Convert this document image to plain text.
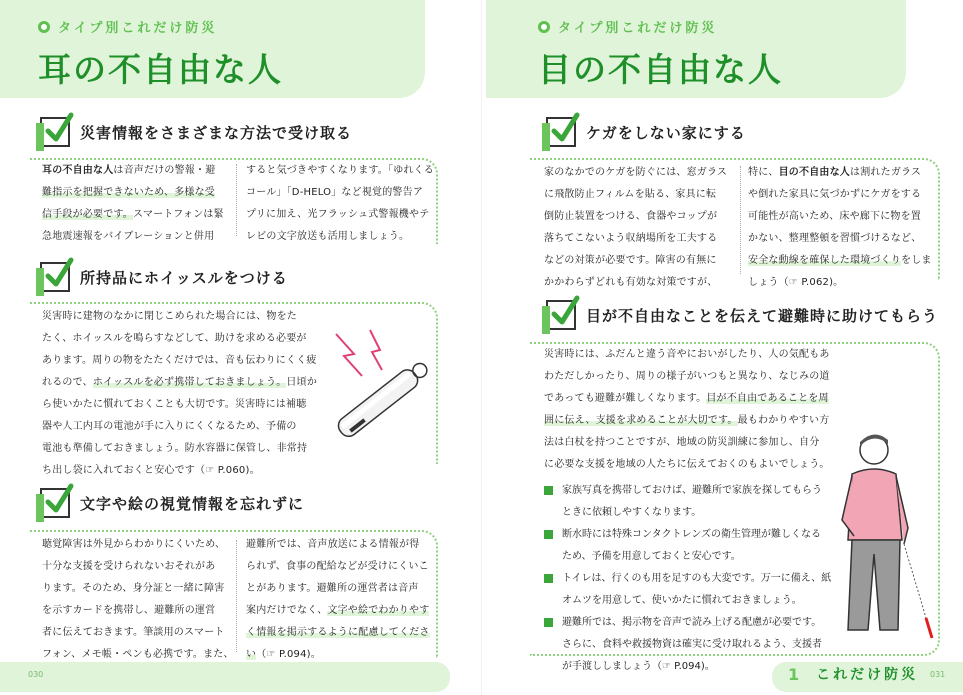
タイプ別これだけ防災
耳の不自由な人
災害情報をさまざまな方法で受け取る
耳の不自由な人は音声だけの警報・避
難指示を把握できないため、多様な受
信手段が必要です。スマートフォンは緊
急地震速報をバイブレーションと併用
すると気づきやすくなります。「ゆれくる
コール」「D-HELO」など視覚的警告ア
プリに加え、光フラッシュ式警報機やテ
レビの文字放送も活用しましょう。
所持品にホイッスルをつける
災害時に建物のなかに閉じこめられた場合には、物をた
たく、ホイッスルを鳴らすなどして、助けを求める必要が
あります。周りの物をたたくだけでは、音も伝わりにくく疲
れるので、ホイッスルを必ず携帯しておきましょう。日頃か
ら使いかたに慣れておくことも大切です。災害時には補聴
器や人工内耳の電池が手に入りにくくなるため、予備の
電池も準備しておきましょう。防水容器に保管し、非常持
ち出し袋に入れておくと安心です（☞ P.060)。
文字や絵の視覚情報を忘れずに
聴覚障害は外見からわかりにくいため、
十分な支援を受けられないおそれがあ
ります。そのため、身分証と一緒に障害
を示すカードを携帯し、避難所の運営
者に伝えておきます。筆談用のスマート
フォン、メモ帳・ペンも必携です。また、
避難所では、音声放送による情報が得
られず、食事の配給などが受けにくいこ
とがあります。避難所の運営者は音声
案内だけでなく、文字や絵でわかりやす
く情報を掲示するように配慮してくださ
い（☞ P.094)。
030
タイプ別これだけ防災
目の不自由な人
ケガをしない家にする
家のなかでのケガを防ぐには、窓ガラス
に飛散防止フィルムを貼る、家具に転
倒防止装置をつける、食器やコップが
落ちてこないよう収納場所を工夫する
などの対策が必要です。障害の有無に
かかわらずどれも有効な対策ですが、
特に、目の不自由な人は割れたガラス
や倒れた家具に気づかずにケガをする
可能性が高いため、床や廊下に物を置
かない、整理整頓を習慣づけるなど、
安全な動線を確保した環境づくりをしま
しょう（☞ P.062)。
目が不自由なことを伝えて避難時に助けてもらう
災害時には、ふだんと違う音やにおいがしたり、人の気配もあ
わただしかったり、周りの様子がいつもと異なり、なじみの道
であっても避難が難しくなります。目が不自由であることを周
囲に伝え、支援を求めることが大切です。最もわかりやすい方
法は白杖を持つことですが、地域の防災訓練に参加し、自分
に必要な支援を地域の人たちに伝えておくのもよいでしょう。
家族写真を携帯しておけば、避難所で家族を探してもらう
ときに依頼しやすくなります。
断水時には特殊コンタクトレンズの衛生管理が難しくなる
ため、予備を用意しておくと安心です。
トイレは、行くのも用を足すのも大変です。万一に備え、紙
オムツを用意して、使いかたに慣れておきましょう。
避難所では、掲示物を音声で読み上げる配慮が必要です。
さらに、食料や救援物資は確実に受け取れるよう、支援者
が手渡ししましょう（☞ P.094)。	1 これだけ防災 031
